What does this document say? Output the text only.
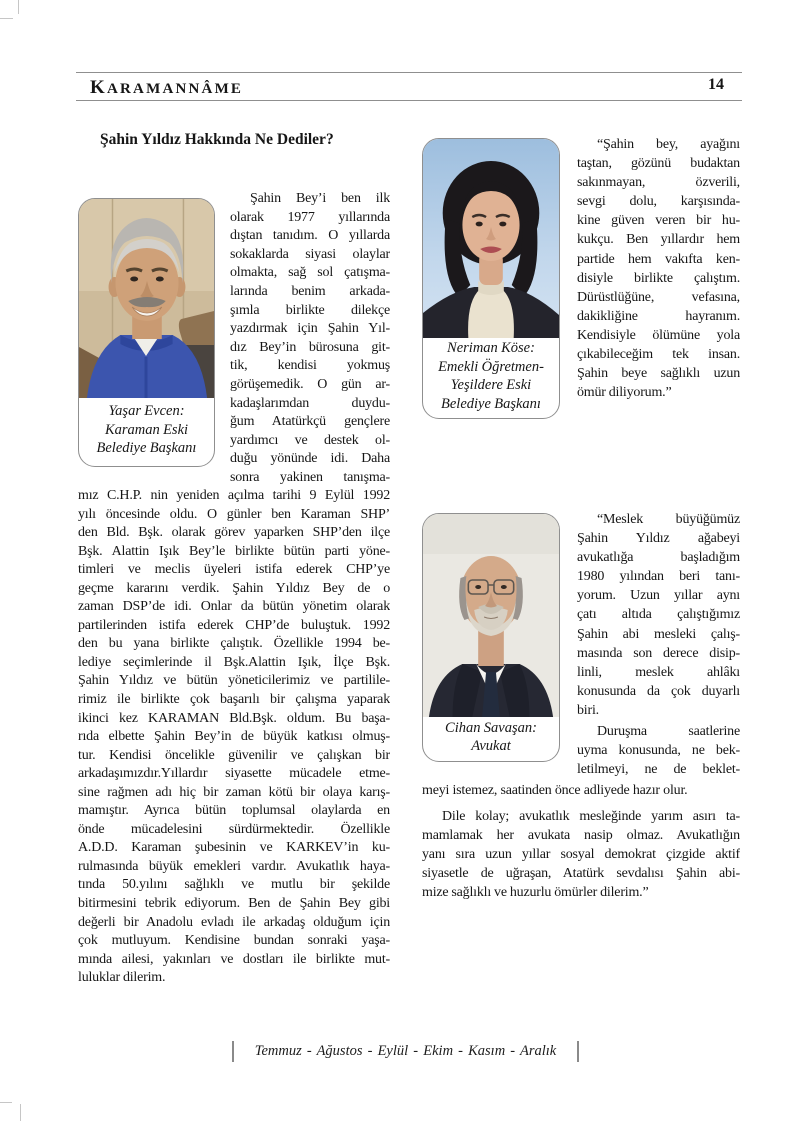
KARAMANNÂME	14
Şahin Yıldız Hakkında Ne Dediler?
Yaşar Evcen:
Karaman Eski
Belediye Başkanı
Şahin Bey’i ben ilk
olarak 1977 yıllarında
dıştan tanıdım. O yıllarda
sokaklarda siyasi olaylar
olmakta, sağ sol çatışma-
larında benim arkada-
şımla birlikte dilekçe
yazdırmak için Şahin Yıl-
dız Bey’in bürosuna git-
tik, kendisi yokmuş
görüşemedik. O gün ar-
kadaşlarımdan duydu-
ğum Atatürkçü gençlere
yardımcı ve destek ol-
duğu yönünde idi. Daha
sonra yakinen tanışma-
mız C.H.P. nin yeniden açılma tarihi 9 Eylül 1992
yılı öncesinde oldu. O günler ben Karaman SHP’
den Bld. Bşk. olarak görev yaparken SHP’den ilçe
Bşk. Alattin Işık Bey’le birlikte bütün parti yöne-
timleri ve meclis üyeleri istifa ederek CHP’ye
geçme kararını verdik. Şahin Yıldız Bey de o
zaman DSP’de idi. Onlar da bütün yönetim olarak
partilerinden istifa ederek CHP’de buluştuk. 1992
den bu yana birlikte çalıştık. Özellikle 1994 be-
lediye seçimlerinde il Bşk.Alattin Işık, İlçe Bşk.
Şahin Yıldız ve bütün yöneticilerimiz ve partilile-
rimiz ile birlikte çok başarılı bir çalışma yaparak
ikinci kez KARAMAN Bld.Bşk. oldum. Bu başa-
rıda elbette Şahin Bey’in de büyük katkısı olmuş-
tur. Kendisi öncelikle güvenilir ve çalışkan bir
arkadaşımızdır.Yıllardır siyasette mücadele etme-
sine rağmen adı hiç bir zaman kötü bir olaya karış-
mamıştır. Ayrıca bütün toplumsal olaylarda en
önde mücadelesini sürdürmektedir. Özellikle
A.D.D. Karaman şubesinin ve KARKEV’in ku-
rulmasında büyük emekleri vardır. Avukatlık haya-
tında 50.yılını sağlıklı ve mutlu bir şekilde
bitirmesini tebrik ediyorum. Ben de Şahin Bey gibi
değerli bir Anadolu evladı ile arkadaş olduğum için
çok mutluyum. Kendisine bundan sonraki yaşa-
mında ailesi, yakınları ve dostları ile birlikte mut-
luluklar dilerim.
Neriman Köse:
Emekli Öğretmen-
Yeşildere Eski
Belediye Başkanı
“Şahin bey, ayağını
taştan, gözünü budaktan
sakınmayan, özverili,
sevgi dolu, karşısında-
kine güven veren bir hu-
kukçu. Ben yıllardır hem
partide hem vakıfta ken-
disiyle birlikte çalıştım.
Dürüstlüğüne, vefasına,
dakikliğine hayranım.
Kendisiyle ölümüne yola
çıkabileceğim tek insan.
Şahin beye sağlıklı uzun
ömür diliyorum.”
Cihan Savaşan:
Avukat
“Meslek büyüğümüz
Şahin Yıldız ağabeyi
avukatlığa başladığım
1980 yılından beri tanı-
yorum. Uzun yıllar aynı
çatı altıda çalıştığımız
Şahin abi mesleki çalış-
masında son derece disip-
linli, meslek ahlâkı
konusunda da çok duyarlı
biri.
Duruşma saatlerine
uyma konusunda, ne bek-
letilmeyi, ne de beklet-
meyi istemez, saatinden önce adliyede hazır olur.
Dile kolay; avukatlık mesleğinde yarım asırı ta-
mamlamak her avukata nasip olmaz. Avukatlığın
yanı sıra uzun yıllar sosyal demokrat çizgide aktif
siyasetle de uğraşan, Atatürk sevdalısı Şahin abi-
mize sağlıklı ve huzurlu ömürler dilerim.”
Temmuz - Ağustos - Eylül - Ekim - Kasım - Aralık
